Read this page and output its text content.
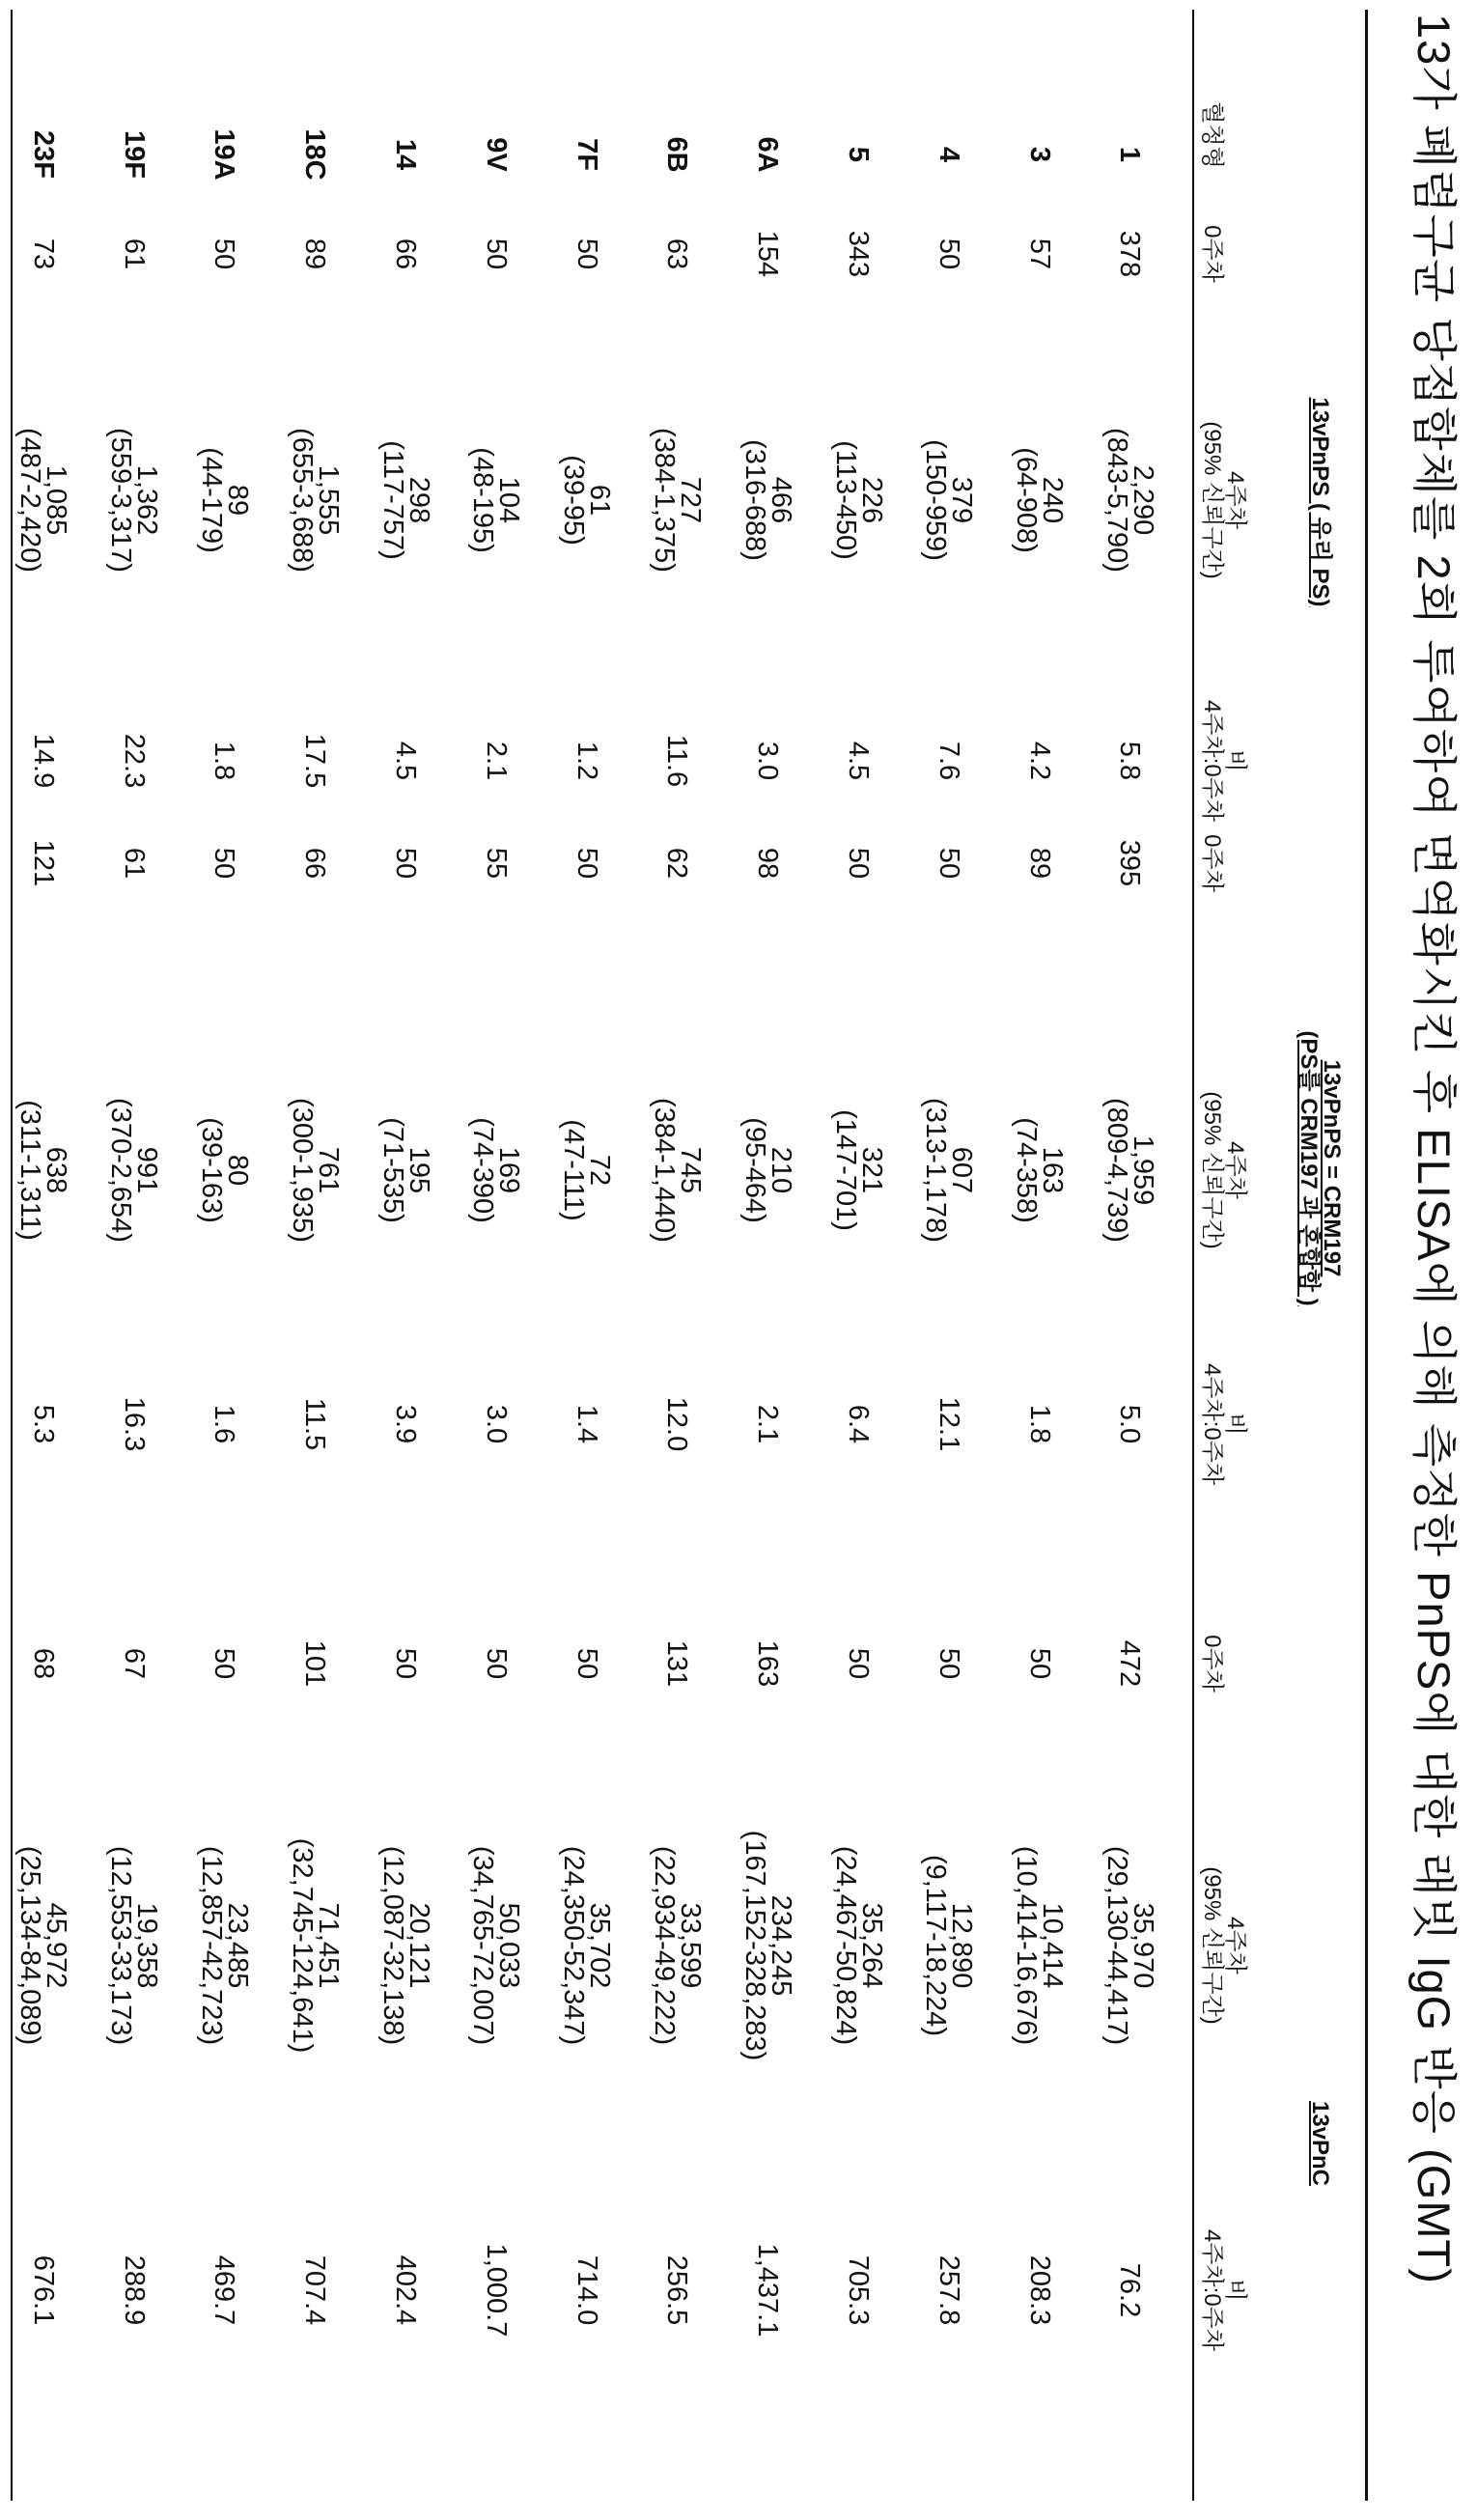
13가 폐렴구균 당접합체를 2회 투여하여 면역화시킨 후 ELISA에 의해 측정한 PnPS에 대한 래빗 IgG 반응 (GMT)
13vPnPS ( 유리 PS)
13vPnPS = CRM197
(PS를 CRM197 과 혼합함 )
13vPnC
혈청형
0주차
0주차
0주차
4주차
(95% 신뢰구간)
4주차
(95% 신뢰구간)
4주차
(95% 신뢰구간)
비
4주차:0주차
비
4주차:0주차
비
4주차:0주차
1
378
2,290
(843-5,790)
5.8
395
1,959
(809-4,739)
5.0
472
35,970
(29,130-44,417)
76.2
3
57
240
(64-908)
4.2
89
163
(74-358)
1.8
50
10,414
(10,414-16,676)
208.3
4
50
379
(150-959)
7.6
50
607
(313-1,178)
12.1
50
12,890
(9,117-18,224)
257.8
5
343
226
(113-450)
4.5
50
321
(147-701)
6.4
50
35,264
(24,467-50,824)
705.3
6A
154
466
(316-688)
3.0
98
210
(95-464)
2.1
163
234,245
(167,152-328,283)
1,437.1
6B
63
727
(384-1,375)
11.6
62
745
(384-1,440)
12.0
131
33,599
(22,934-49,222)
256.5
7F
50
61
(39-95)
1.2
50
72
(47-111)
1.4
50
35,702
(24,350-52,347)
714.0
9V
50
104
(48-195)
2.1
55
169
(74-390)
3.0
50
50,033
(34,765-72,007)
1,000.7
14
66
298
(117-757)
4.5
50
195
(71-535)
3.9
50
20,121
(12,087-32,138)
402.4
18C
89
1,555
(655-3,688)
17.5
66
761
(300-1,935)
11.5
101
71,451
(32,745-124,641)
707.4
19A
50
89
(44-179)
1.8
50
80
(39-163)
1.6
50
23,485
(12,857-42,723)
469.7
19F
61
1,362
(559-3,317)
22.3
61
991
(370-2,654)
16.3
67
19,358
(12,553-33,173)
288.9
23F
73
1,085
(487-2,420)
14.9
121
638
(311-1,311)
5.3
68
45,972
(25,134-84,089)
676.1
